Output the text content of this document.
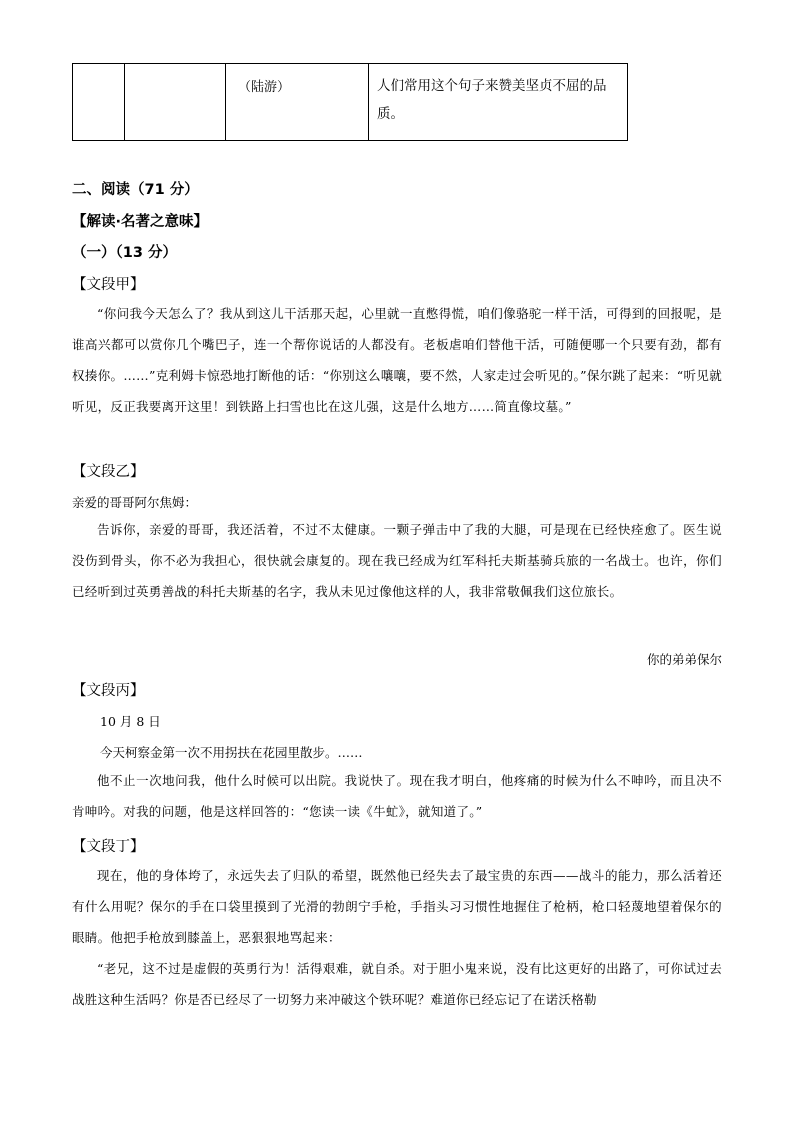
（陆游）	人们常用这个句子来赞美坚贞不屈的品质。
二、阅读（71 分）
【解读·名著之意味】
（一）（13 分）
【文段甲】
“你问我今天怎么了？我从到这儿干活那天起，心里就一直憋得慌，咱们像骆驼一样干活，可得到的回报呢，是谁高兴都可以赏你几个嘴巴子，连一个帮你说话的人都没有。老板虐咱们替他干活，可随便哪一个只要有劲，都有权揍你。……”克利姆卡惊恐地打断他的话：“你别这么嚷嚷，要不然，人家走过会听见的。”保尔跳了起来：“听见就听见，反正我要离开这里！到铁路上扫雪也比在这儿强，这是什么地方……简直像坟墓。”
【文段乙】
亲爱的哥哥阿尔焦姆：
告诉你，亲爱的哥哥，我还活着，不过不太健康。一颗子弹击中了我的大腿，可是现在已经快痊愈了。医生说没伤到骨头，你不必为我担心，很快就会康复的。现在我已经成为红军科托夫斯基骑兵旅的一名战士。也许，你们已经听到过英勇善战的科托夫斯基的名字，我从未见过像他这样的人，我非常敬佩我们这位旅长。
你的弟弟保尔
【文段丙】
10 月 8 日
今天柯察金第一次不用拐扶在花园里散步。……
他不止一次地问我，他什么时候可以出院。我说快了。现在我才明白，他疼痛的时候为什么不呻吟，而且决不肯呻吟。对我的问题，他是这样回答的：“您读一读《牛虻》，就知道了。”
【文段丁】
现在，他的身体垮了，永远失去了归队的希望，既然他已经失去了最宝贵的东西——战斗的能力，那么活着还有什么用呢？保尔的手在口袋里摸到了光滑的勃朗宁手枪，手指头习习惯性地握住了枪柄，枪口轻蔑地望着保尔的眼睛。他把手枪放到膝盖上，恶狠狠地骂起来：
“老兄，这不过是虚假的英勇行为！活得艰难，就自杀。对于胆小鬼来说，没有比这更好的出路了，可你试过去战胜这种生活吗？你是否已经尽了一切努力来冲破这个铁环呢？难道你已经忘记了在诺沃格勒
